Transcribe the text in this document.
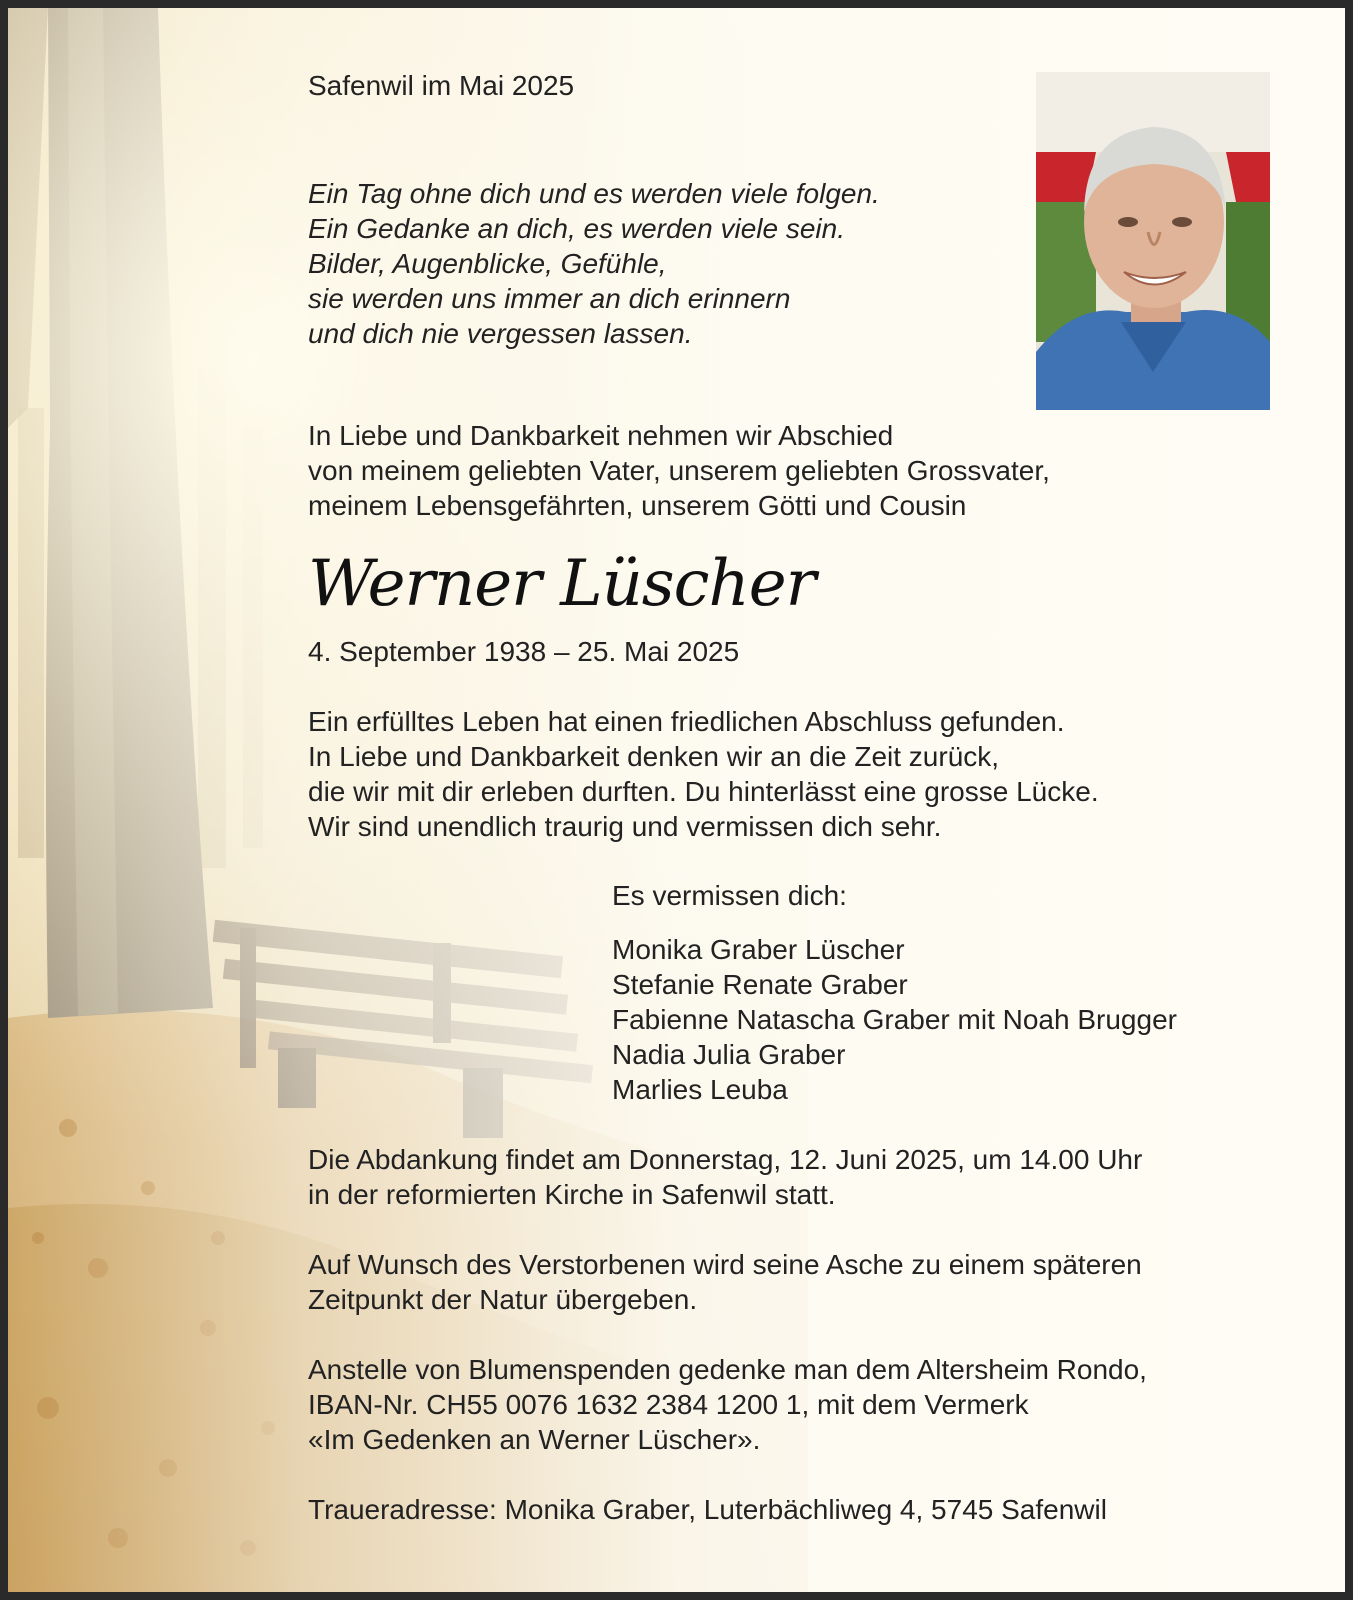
Safenwil im Mai 2025
Ein Tag ohne dich und es werden viele folgen.
Ein Gedanke an dich, es werden viele sein.
Bilder, Augenblicke, Gefühle,
sie werden uns immer an dich erinnern
und dich nie vergessen lassen.
In Liebe und Dankbarkeit nehmen wir Abschied
von meinem geliebten Vater, unserem geliebten Grossvater,
meinem Lebensgefährten, unserem Götti und Cousin
Werner Lüscher
4. September 1938 – 25. Mai 2025
Ein erfülltes Leben hat einen friedlichen Abschluss gefunden.
In Liebe und Dankbarkeit denken wir an die Zeit zurück,
die wir mit dir erleben durften. Du hinterlässt eine grosse Lücke.
Wir sind unendlich traurig und vermissen dich sehr.
Es vermissen dich:
Monika Graber Lüscher
Stefanie Renate Graber
Fabienne Natascha Graber mit Noah Brugger
Nadia Julia Graber
Marlies Leuba
Die Abdankung findet am Donnerstag, 12. Juni 2025, um 14.00 Uhr
in der reformierten Kirche in Safenwil statt.
Auf Wunsch des Verstorbenen wird seine Asche zu einem späteren
Zeitpunkt der Natur übergeben.
Anstelle von Blumenspenden gedenke man dem Altersheim Rondo,
IBAN-Nr. CH55 0076 1632 2384 1200 1, mit dem Vermerk
«Im Gedenken an Werner Lüscher».
Traueradresse: Monika Graber, Luterbächliweg 4, 5745 Safenwil
